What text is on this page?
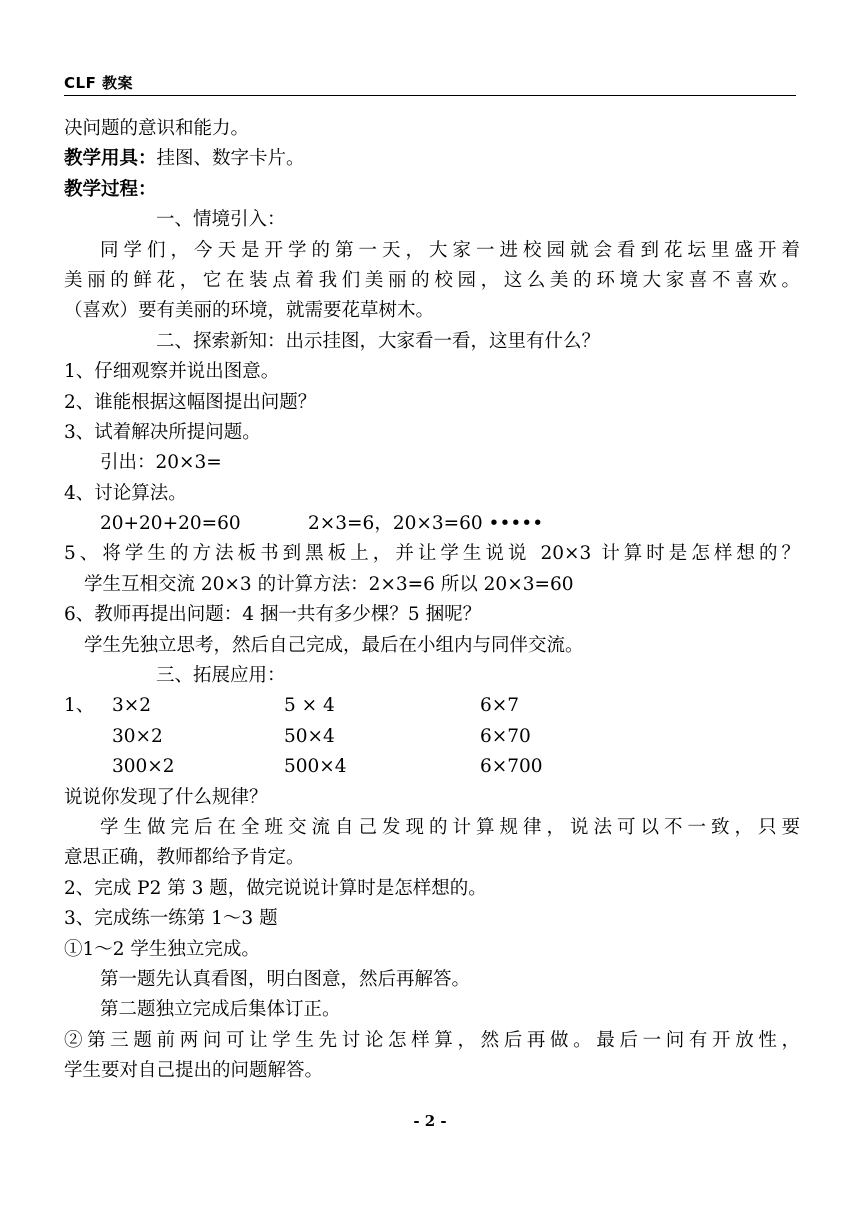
CLF 教案
决问题的意识和能力。
教学用具：挂图、数字卡片。
教学过程：
一、情境引入：
同学们，今天是开学的第一天，大家一进校园就会看到花坛里盛开着
美丽的鲜花，它在装点着我们美丽的校园，这么美的环境大家喜不喜欢。
（喜欢）要有美丽的环境，就需要花草树木。
二、探索新知：出示挂图，大家看一看，这里有什么？
1、仔细观察并说出图意。
2、谁能根据这幅图提出问题？
3、试着解决所提问题。
引出：20×3=
4、讨论算法。
20+20+20=60	2×3=6，20×3=60 •••••
5、将学生的方法板书到黑板上，并让学生说说 20×3 计算时是怎样想的？
学生互相交流 20×3 的计算方法：2×3=6 所以 20×3=60
6、教师再提出问题：4 捆一共有多少棵？5 捆呢？
学生先独立思考，然后自己完成，最后在小组内与同伴交流。
三、拓展应用：
1、 3×2	5 × 4	6×7
30×2	50×4	6×70
300×2	500×4	6×700
说说你发现了什么规律？
学生做完后在全班交流自己发现的计算规律，说法可以不一致，只要
意思正确，教师都给予肯定。
2、完成 P2 第 3 题，做完说说计算时是怎样想的。
3、完成练一练第 1～3 题
①1～2 学生独立完成。
第一题先认真看图，明白图意，然后再解答。
第二题独立完成后集体订正。
②第三题前两问可让学生先讨论怎样算，然后再做。最后一问有开放性，
学生要对自己提出的问题解答。
- 2 -
